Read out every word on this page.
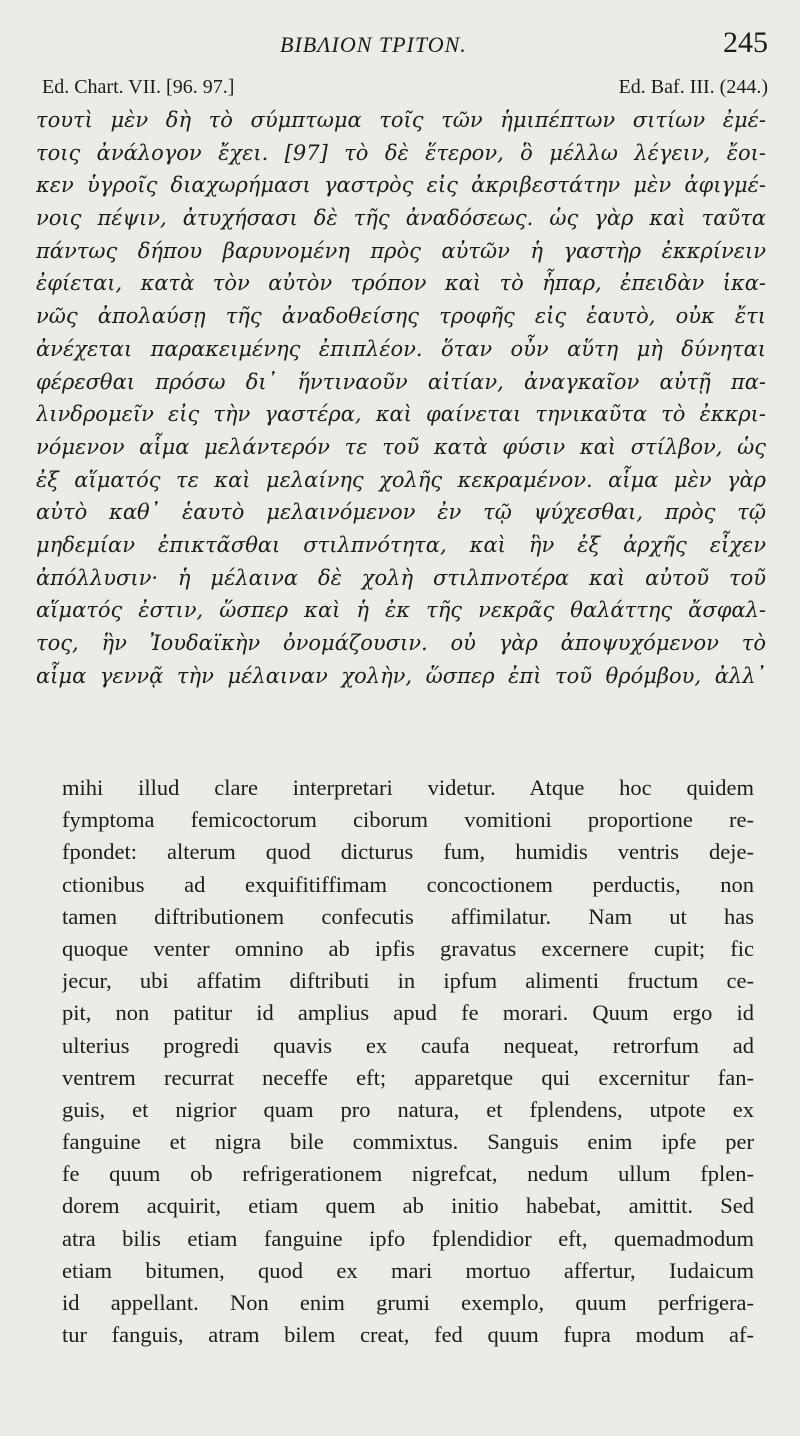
ΒΙΒΛΙΟΝ ΤΡΙΤΟΝ.	245
Ed. Chart. VII. [96. 97.]	Ed. Baf. III. (244.)
τουτὶ μὲν δὴ τὸ σύμπτωμα τοῖς τῶν ἡμιπέπτων σιτίων ἐμέ-
τοις ἀνάλογον ἔχει. [97] τὸ δὲ ἕτερον, ὃ μέλλω λέγειν, ἔοι-
κεν ὑγροῖς διαχωρήμασι γαστρὸς εἰς ἀκριβεστάτην μὲν ἀφιγμέ-
νοις πέψιν, ἀτυχήσασι δὲ τῆς ἀναδόσεως. ὡς γὰρ καὶ ταῦτα
πάντως δήπου βαρυνομένη πρὸς αὐτῶν ἡ γαστὴρ ἐκκρίνειν
ἐφίεται, κατὰ τὸν αὐτὸν τρόπον καὶ τὸ ἧπαρ, ἐπειδὰν ἱκα-
νῶς ἀπολαύσῃ τῆς ἀναδοθείσης τροφῆς εἰς ἑαυτὸ, οὐκ ἔτι
ἀνέχεται παρακειμένης ἐπιπλέον. ὅταν οὖν αὕτη μὴ δύνηται
φέρεσθαι πρόσω δι᾽ ἥντιναοῦν αἰτίαν, ἀναγκαῖον αὐτῇ πα-
λινδρομεῖν εἰς τὴν γαστέρα, καὶ φαίνεται τηνικαῦτα τὸ ἐκκρι-
νόμενον αἷμα μελάντερόν τε τοῦ κατὰ φύσιν καὶ στίλβον, ὡς
ἐξ αἵματός τε καὶ μελαίνης χολῆς κεκραμένον. αἷμα μὲν γὰρ
αὐτὸ καθ᾽ ἑαυτὸ μελαινόμενον ἐν τῷ ψύχεσθαι, πρὸς τῷ
μηδεμίαν ἐπικτᾶσθαι στιλπνότητα, καὶ ἣν ἐξ ἀρχῆς εἶχεν
ἀπόλλυσιν· ἡ μέλαινα δὲ χολὴ στιλπνοτέρα καὶ αὐτοῦ τοῦ
αἵματός ἐστιν, ὥσπερ καὶ ἡ ἐκ τῆς νεκρᾶς θαλάττης ἄσφαλ-
τος, ἣν Ἰουδαϊκὴν ὀνομάζουσιν. οὐ γὰρ ἀποψυχόμενον τὸ
αἷμα γεννᾷ τὴν μέλαιναν χολὴν, ὥσπερ ἐπὶ τοῦ θρόμβου, ἀλλ᾽
mihi illud clare interpretari videtur. Atque hoc quidem
fymptoma femicoctorum ciborum vomitioni proportione re-
fpondet: alterum quod dicturus fum, humidis ventris deje-
ctionibus ad exquifitiffimam concoctionem perductis, non
tamen diftributionem confecutis affimilatur. Nam ut has
quoque venter omnino ab ipfis gravatus excernere cupit; fic
jecur, ubi affatim diftributi in ipfum alimenti fructum ce-
pit, non patitur id amplius apud fe morari. Quum ergo id
ulterius progredi quavis ex caufa nequeat, retrorfum ad
ventrem recurrat neceffe eft; apparetque qui excernitur fan-
guis, et nigrior quam pro natura, et fplendens, utpote ex
fanguine et nigra bile commixtus. Sanguis enim ipfe per
fe quum ob refrigerationem nigrefcat, nedum ullum fplen-
dorem acquirit, etiam quem ab initio habebat, amittit. Sed
atra bilis etiam fanguine ipfo fplendidior eft, quemadmodum
etiam bitumen, quod ex mari mortuo affertur, Iudaicum
id appellant. Non enim grumi exemplo, quum perfrigera-
tur fanguis, atram bilem creat, fed quum fupra modum af-
